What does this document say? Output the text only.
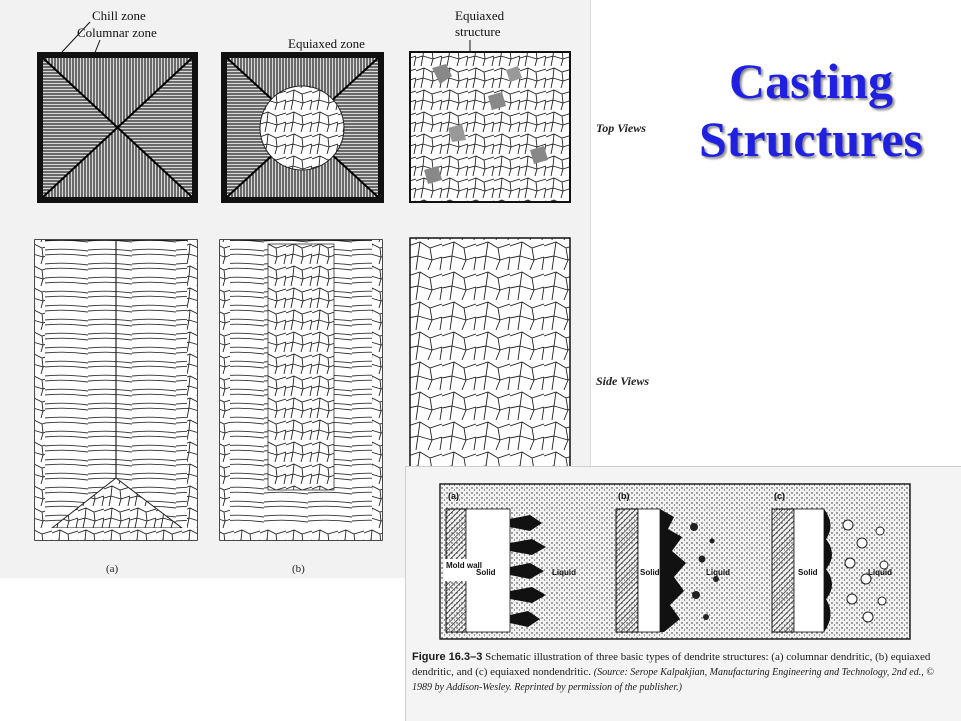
Chill zone
Columnar zone
Equiaxed zone
Equiaxed
structure
Top Views
Side Views
(a)	(b)
Casting
Structures
(a)	(b)	(c)
Mold wall
Solid	Liquid	Solid	Liquid	Solid	Liquid
Figure 16.3–3 Schematic illustration of three basic types of dendrite structures: (a) columnar dendritic, (b) equiaxed dendritic, and (c) equiaxed nondendritic. (Source: Serope Kalpakjian, Manufacturing Engineering and Technology, 2nd ed., © 1989 by Addison-Wesley. Reprinted by permission of the publisher.)
